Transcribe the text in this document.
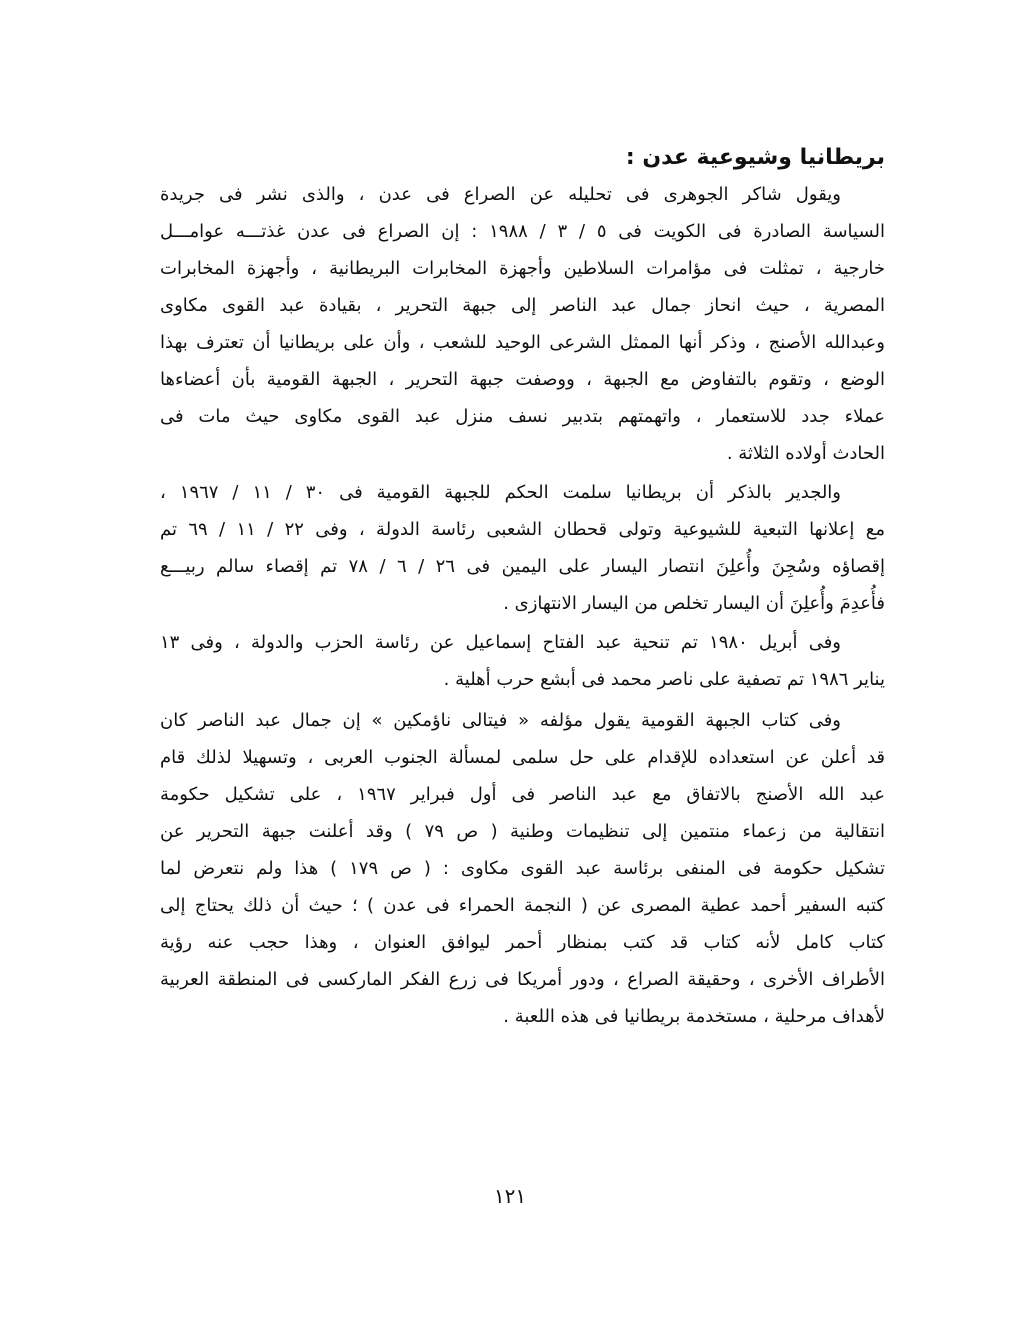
بريطانيا وشيوعية عدن :
ويقول شاكر الجوهرى فى تحليله عن الصراع فى عدن ، والذى نشر فى جريدة
السياسة الصادرة فى الكويت فى ٥ / ٣ / ١٩٨٨ : إن الصراع فى عدن غذتـــه عوامـــل
خارجية ، تمثلت فى مؤامرات السلاطين وأجهزة المخابرات البريطانية ، وأجهزة المخابرات
المصرية ، حيث انحاز جمال عبد الناصر إلى جبهة التحرير ، بقيادة عبد القوى مكاوى
وعبدالله الأصنج ، وذكر أنها الممثل الشرعى الوحيد للشعب ، وأن على بريطانيا أن تعترف بهذا
الوضع ، وتقوم بالتفاوض مع الجبهة ، ووصفت جبهة التحرير ، الجبهة القومية بأن أعضاءها
عملاء جدد للاستعمار ، واتهمتهم بتدبير نسف منزل عبد القوى مكاوى حيث مات فى
الحادث أولاده الثلاثة .
والجدير بالذكر أن بريطانيا سلمت الحكم للجبهة القومية فى ٣٠ / ١١ / ١٩٦٧ ،
مع إعلانها التبعية للشيوعية وتولى قحطان الشعبى رئاسة الدولة ، وفى ٢٢ / ١١ / ٦٩ تم
إقصاؤه وسُجِنَ وأُعلِنَ انتصار اليسار على اليمين فى ٢٦ / ٦ / ٧٨ تم إقصاء سالم ربيـــع
فأُعدِمَ وأُعلِنَ أن اليسار تخلص من اليسار الانتهازى .
وفى أبريل ١٩٨٠ تم تنحية عبد الفتاح إسماعيل عن رئاسة الحزب والدولة ، وفى ١٣
يناير ١٩٨٦ تم تصفية على ناصر محمد فى أبشع حرب أهلية .
وفى كتاب الجبهة القومية يقول مؤلفه « فيتالى ناؤمكين » إن جمال عبد الناصر كان
قد أعلن عن استعداده للإقدام على حل سلمى لمسألة الجنوب العربى ، وتسهيلا لذلك قام
عبد الله الأصنج بالاتفاق مع عبد الناصر فى أول فبراير ١٩٦٧ ، على تشكيل حكومة
انتقالية من زعماء منتمين إلى تنظيمات وطنية ( ص ٧٩ ) وقد أعلنت جبهة التحرير عن
تشكيل حكومة فى المنفى برئاسة عبد القوى مكاوى : ( ص ١٧٩ ) هذا ولم نتعرض لما
كتبه السفير أحمد عطية المصرى عن ( النجمة الحمراء فى عدن ) ؛ حيث أن ذلك يحتاج إلى
كتاب كامل لأنه كتاب قد كتب بمنظار أحمر ليوافق العنوان ، وهذا حجب عنه رؤية
الأطراف الأخرى ، وحقيقة الصراع ، ودور أمريكا فى زرع الفكر الماركسى فى المنطقة العربية
لأهداف مرحلية ، مستخدمة بريطانيا فى هذه اللعبة .
١٢١
